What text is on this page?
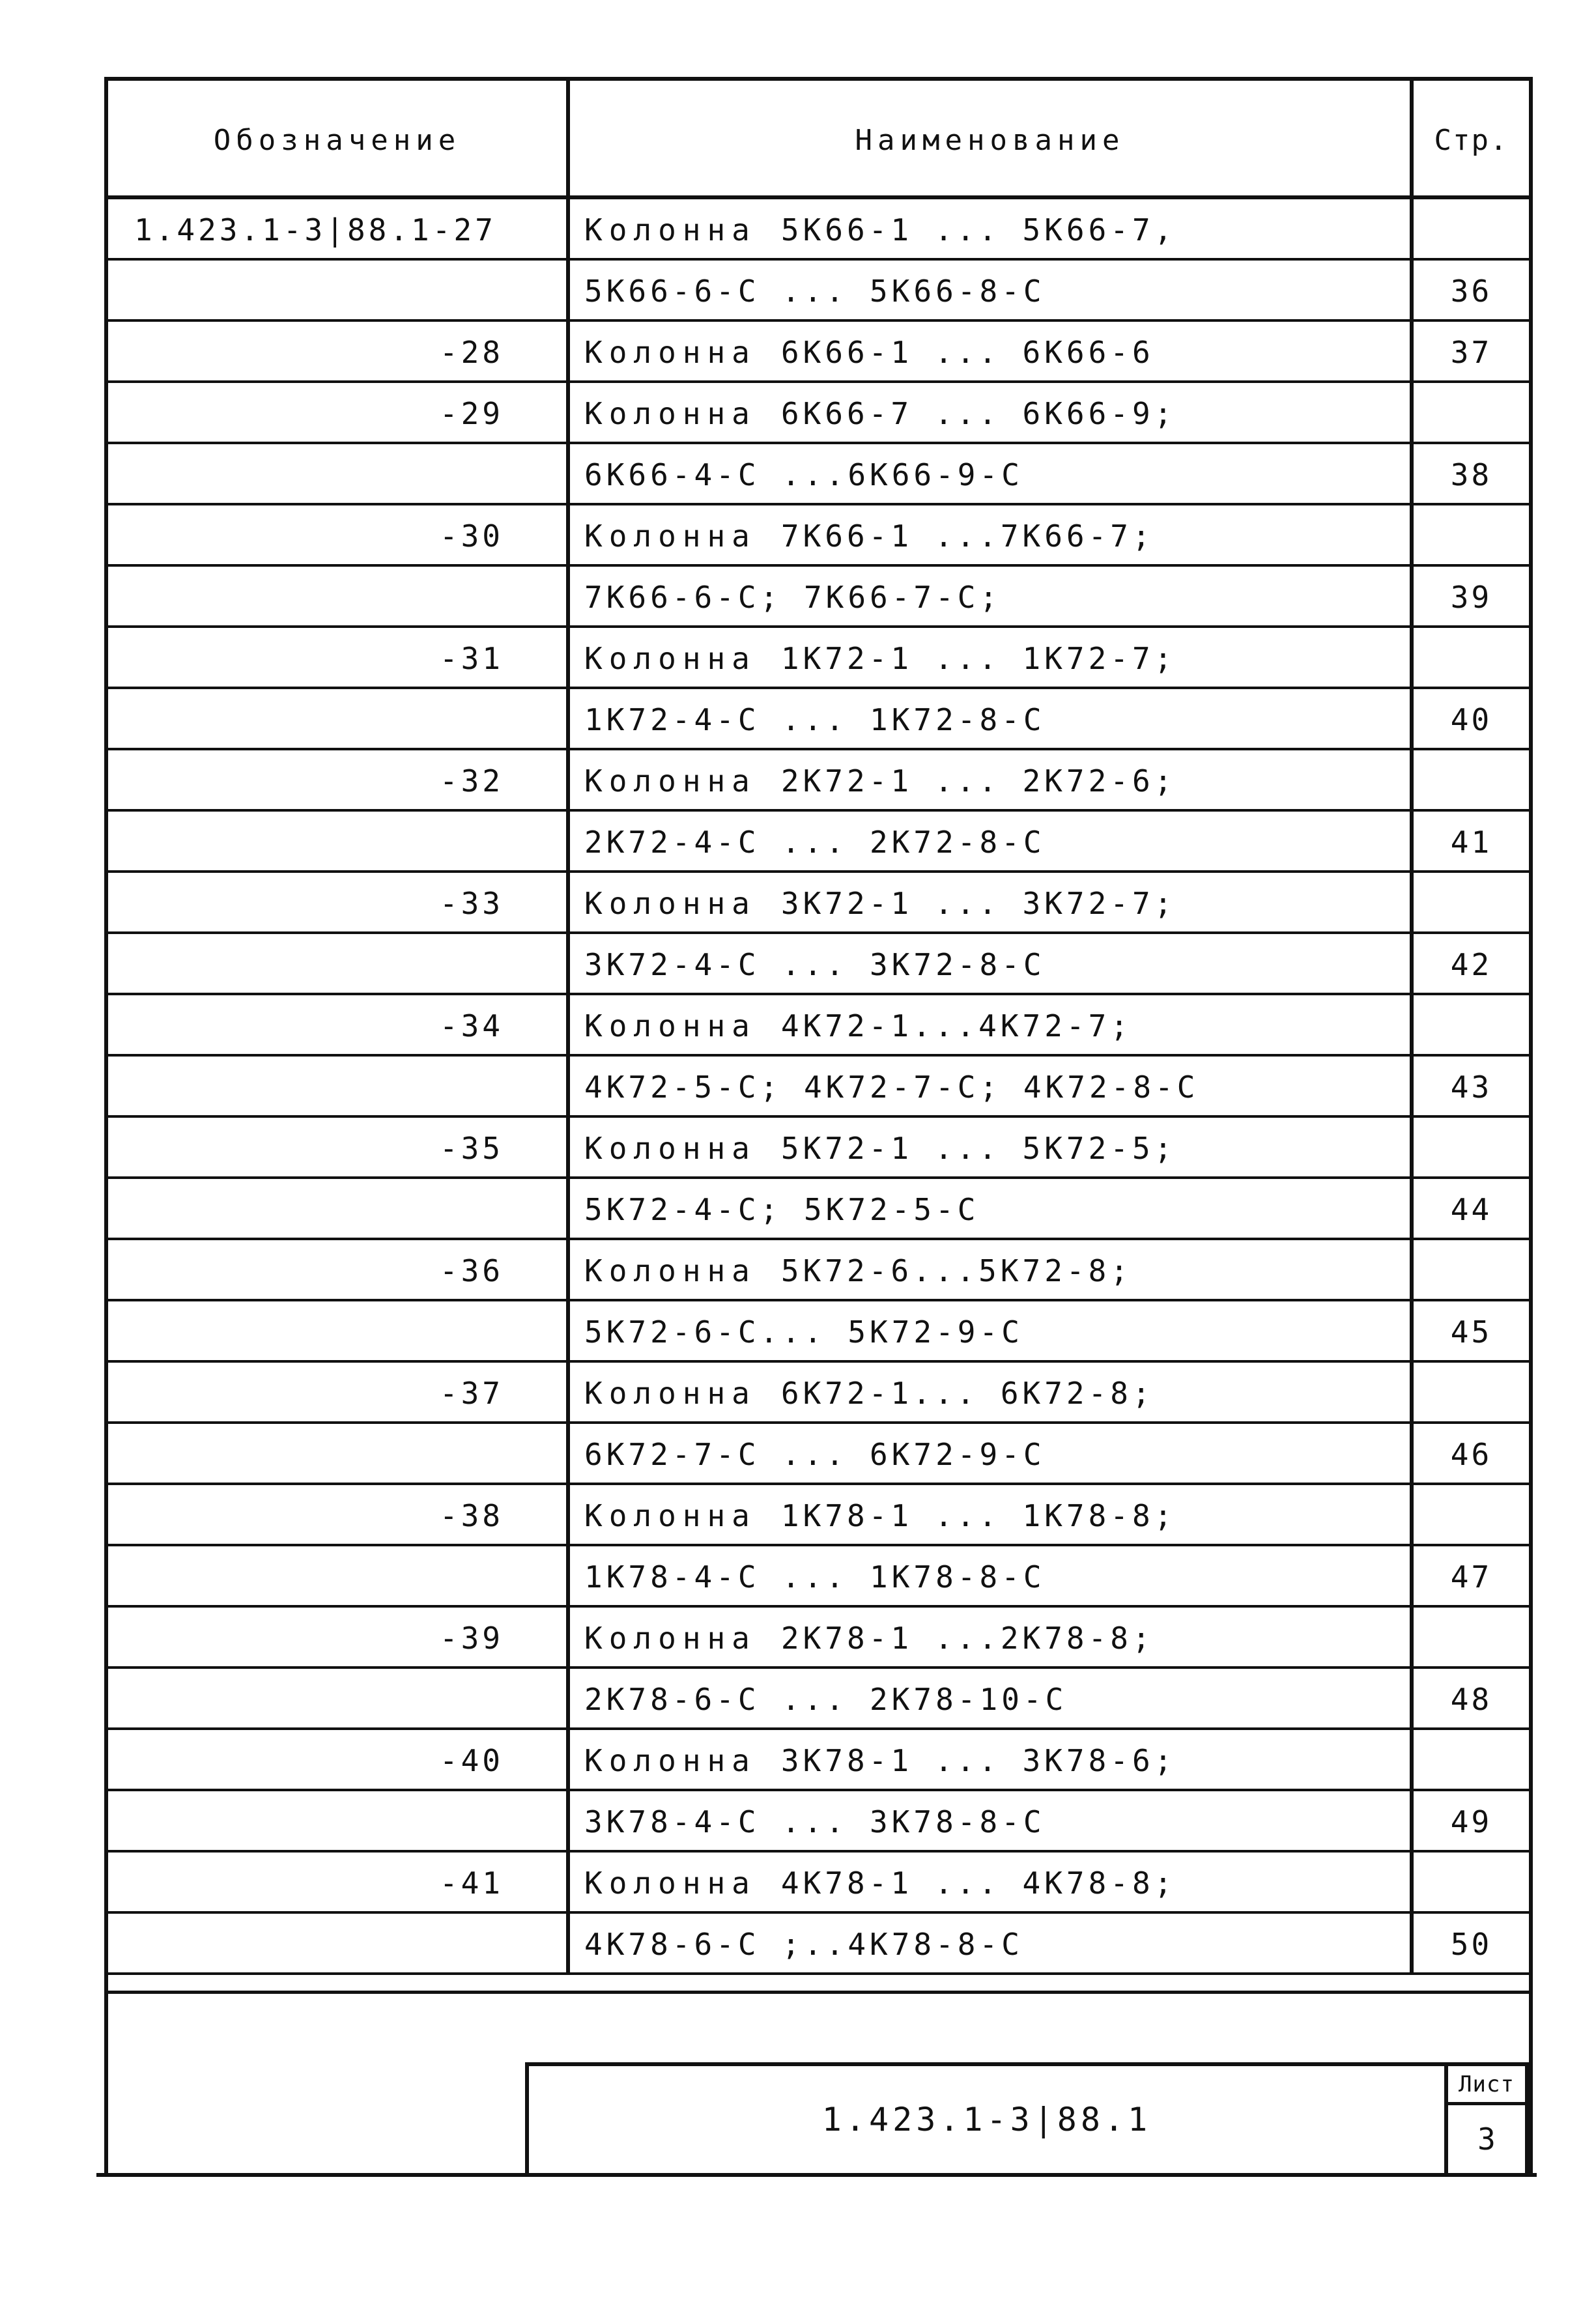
Обозначение	Наименование	Стр.
1.423.1-3|88.1-27	Колонна 5К66-1 ... 5К66-7,
5К66-6-С ... 5К66-8-С	36
-28	Колонна 6К66-1 ... 6К66-6	37
-29	Колонна 6К66-7 ... 6К66-9;
6К66-4-С ...6К66-9-С	38
-30	Колонна 7К66-1 ...7К66-7;
7К66-6-С; 7К66-7-С;	39
-31	Колонна 1К72-1 ... 1К72-7;
1К72-4-С ... 1К72-8-С	40
-32	Колонна 2К72-1 ... 2К72-6;
2К72-4-С ... 2К72-8-С	41
-33	Колонна 3К72-1 ... 3К72-7;
3К72-4-С ... 3К72-8-С	42
-34	Колонна 4К72-1...4К72-7;
4К72-5-С; 4К72-7-С; 4К72-8-С	43
-35	Колонна 5К72-1 ... 5К72-5;
5К72-4-С; 5К72-5-С	44
-36	Колонна 5К72-6...5К72-8;
5К72-6-С... 5К72-9-С	45
-37	Колонна 6К72-1... 6К72-8;
6К72-7-С ... 6К72-9-С	46
-38	Колонна 1К78-1 ... 1К78-8;
1К78-4-С ... 1К78-8-С	47
-39	Колонна 2К78-1 ...2К78-8;
2К78-6-С ... 2К78-10-С	48
-40	Колонна 3К78-1 ... 3К78-6;
3К78-4-С ... 3К78-8-С	49
-41	Колонна 4К78-1 ... 4К78-8;
4К78-6-С ;..4К78-8-С	50
1.423.1-3|88.1
Лист
3
